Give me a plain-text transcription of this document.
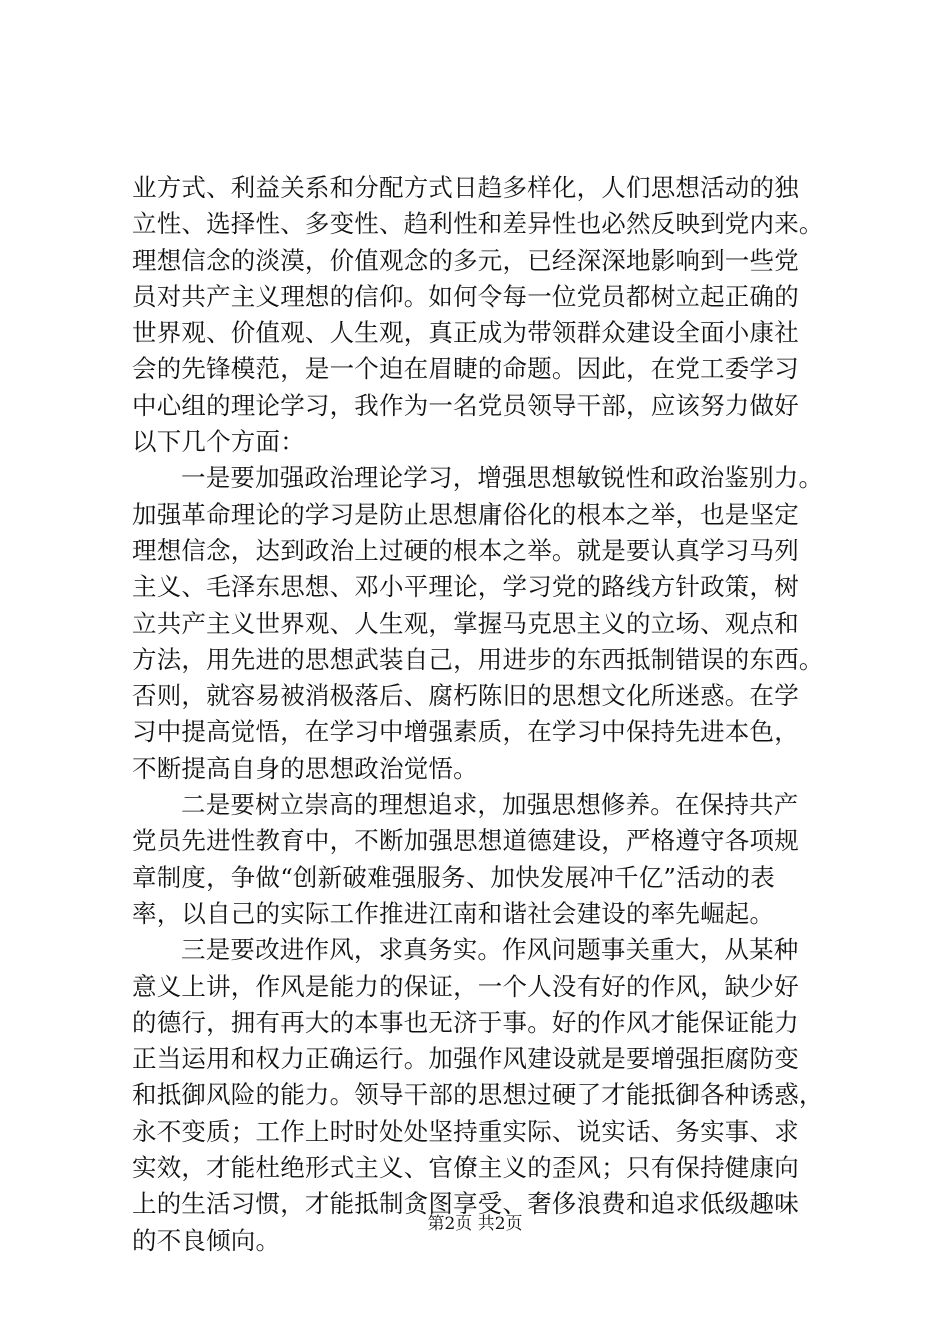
业方式、利益关系和分配方式日趋多样化，人们思想活动的独
立性、选择性、多变性、趋利性和差异性也必然反映到党内来。
理想信念的淡漠，价值观念的多元，已经深深地影响到一些党
员对共产主义理想的信仰。如何令每一位党员都树立起正确的
世界观、价值观、人生观，真正成为带领群众建设全面小康社
会的先锋模范，是一个迫在眉睫的命题。因此，在党工委学习
中心组的理论学习，我作为一名党员领导干部，应该努力做好
以下几个方面：
一是要加强政治理论学习，增强思想敏锐性和政治鉴别力。
加强革命理论的学习是防止思想庸俗化的根本之举，也是坚定
理想信念，达到政治上过硬的根本之举。就是要认真学习马列
主义、毛泽东思想、邓小平理论，学习党的路线方针政策，树
立共产主义世界观、人生观，掌握马克思主义的立场、观点和
方法，用先进的思想武装自己，用进步的东西抵制错误的东西。
否则，就容易被消极落后、腐朽陈旧的思想文化所迷惑。在学
习中提高觉悟，在学习中增强素质，在学习中保持先进本色，
不断提高自身的思想政治觉悟。
二是要树立崇高的理想追求，加强思想修养。在保持共产
党员先进性教育中，不断加强思想道德建设，严格遵守各项规
章制度，争做“创新破难强服务、加快发展冲千亿”活动的表
率，以自己的实际工作推进江南和谐社会建设的率先崛起。
三是要改进作风，求真务实。作风问题事关重大，从某种
意义上讲，作风是能力的保证，一个人没有好的作风，缺少好
的德行，拥有再大的本事也无济于事。好的作风才能保证能力
正当运用和权力正确运行。加强作风建设就是要增强拒腐防变
和抵御风险的能力。领导干部的思想过硬了才能抵御各种诱惑，
永不变质；工作上时时处处坚持重实际、说实话、务实事、求
实效，才能杜绝形式主义、官僚主义的歪风；只有保持健康向
上的生活习惯，才能抵制贪图享受、奢侈浪费和追求低级趣味
的不良倾向。
第2页 共2页
